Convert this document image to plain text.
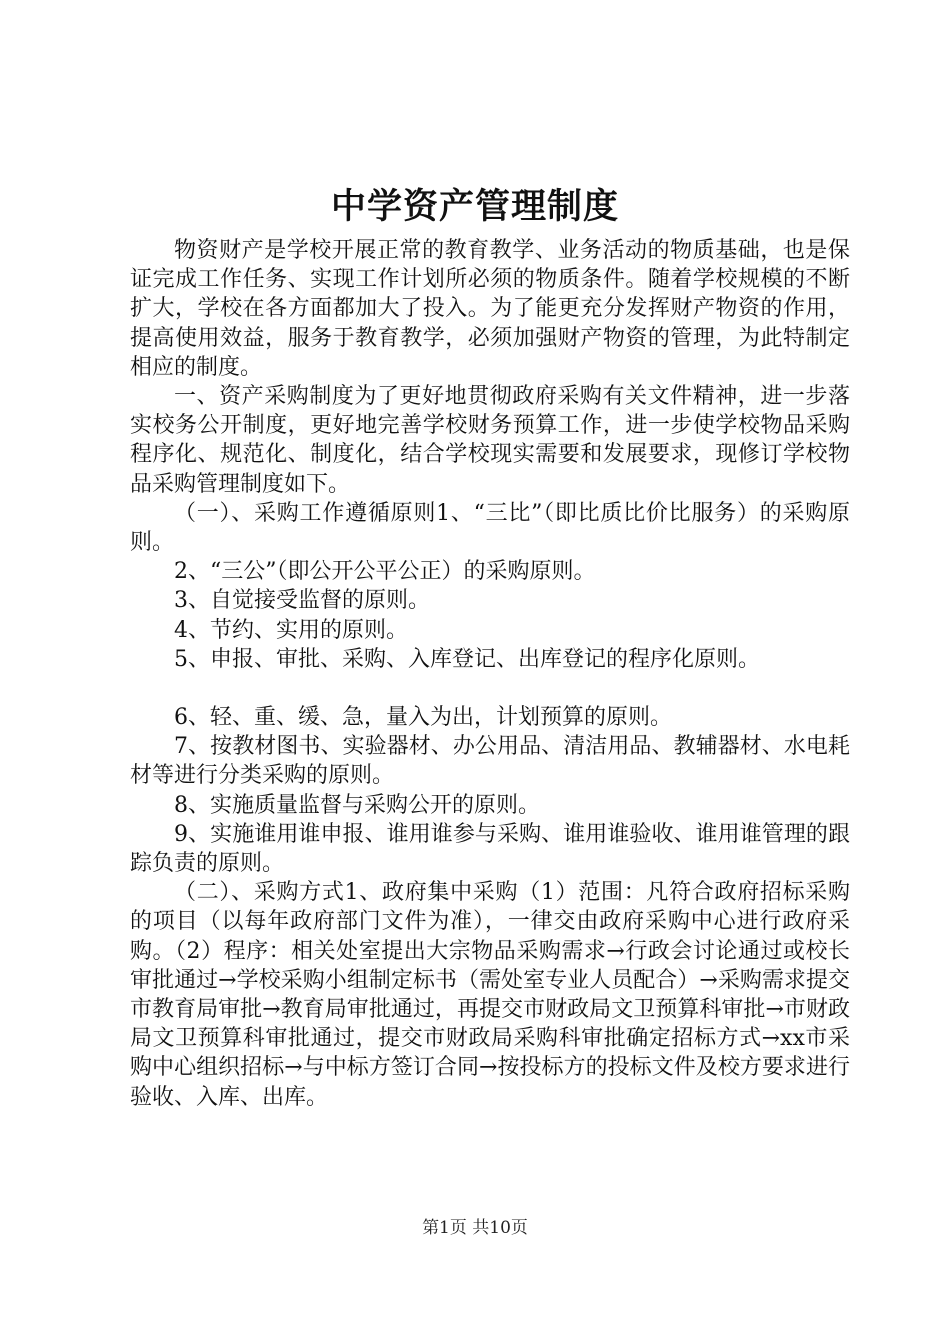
中学资产管理制度

物资财产是学校开展正常的教育教学、业务活动的物质基础，也是保证完成工作任务、实现工作计划所必须的物质条件。随着学校规模的不断扩大，学校在各方面都加大了投入。为了能更充分发挥财产物资的作用，提高使用效益，服务于教育教学，必须加强财产物资的管理，为此特制定相应的制度。

一、资产采购制度为了更好地贯彻政府采购有关文件精神，进一步落实校务公开制度，更好地完善学校财务预算工作，进一步使学校物品采购程序化、规范化、制度化，结合学校现实需要和发展要求，现修订学校物品采购管理制度如下。

（一）、采购工作遵循原则1、“三比”（即比质比价比服务）的采购原则。

2、“三公”（即公开公平公正）的采购原则。

3、自觉接受监督的原则。

4、节约、实用的原则。

5、申报、审批、采购、入库登记、出库登记的程序化原则。

6、轻、重、缓、急，量入为出，计划预算的原则。

7、按教材图书、实验器材、办公用品、清洁用品、教辅器材、水电耗材等进行分类采购的原则。

8、实施质量监督与采购公开的原则。

9、实施谁用谁申报、谁用谁参与采购、谁用谁验收、谁用谁管理的跟踪负责的原则。

（二）、采购方式1、政府集中采购（1）范围：凡符合政府招标采购的项目（以每年政府部门文件为准），一律交由政府采购中心进行政府采购。（2）程序：相关处室提出大宗物品采购需求→行政会讨论通过或校长审批通过→学校采购小组制定标书（需处室专业人员配合）→采购需求提交市教育局审批→教育局审批通过，再提交市财政局文卫预算科审批→市财政局文卫预算科审批通过，提交市财政局采购科审批确定招标方式→xx市采购中心组织招标→与中标方签订合同→按投标方的投标文件及校方要求进行验收、入库、出库。

第1页 共10页
